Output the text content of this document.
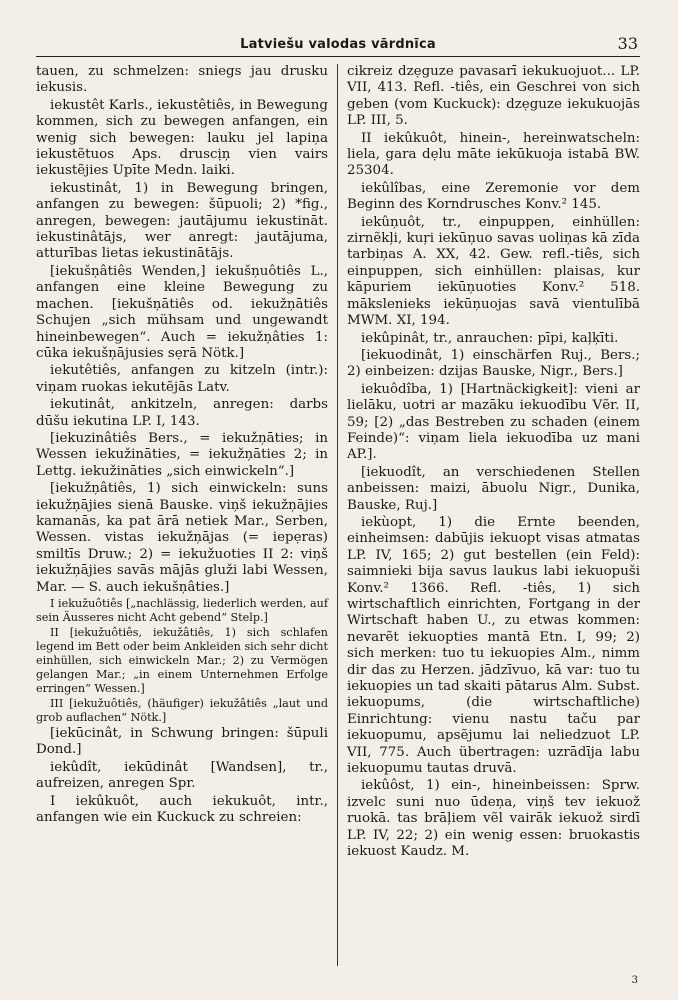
Latviešu valodas vārdnīca	33

tauen, zu schmelzen: sniegs jau drusku iekusis.

iekustêt Karls., iekustêtiês, in Bewegung kommen, sich zu bewegen anfangen, ein wenig sich bewegen: lauku jel lapiņa iekustẽtuos Aps. druscịņ vien vairs iekustẽjies Upīte Medn. laiki.

iekustinât, 1) in Bewegung bringen, anfangen zu bewegen: šūpuoli; 2) *fig., anregen, bewegen: jautājumu iekustināt. iekustinâtājs, wer anregt: jautājuma, atturības lietas iekustinātājs.

[iekušņâtiês Wenden,] iekušņuôtiês L., anfangen eine kleine Bewegung zu machen. [iekušņātiês od. iekužņātiês Schujen „sich mühsam und ungewandt hineinbewegen“. Auch = iekužņâties 1: cūka iekušņājusies sẹrā Nötk.]

iekutêtiês, anfangen zu kitzeln (intr.): viņam ruokas iekutẽjās Latv.

iekutinât, ankitzeln, anregen: darbs dūšu iekutina LP. I, 143.

[iekuzinâtiês Bers., = iekužņāties; in Wessen iekužināties, = iekužņāties 2; in Lettg. iekužināties „sich einwickeln“.]

[iekužņâtiês, 1) sich einwickeln: suns iekužņājies sienā Bauske. viņš iekužņājies kamanās, ka pat ārā netiek Mar., Serben, Wessen. vistas iekužņājas (= iepẹras) smiltīs Druw.; 2) = iekužuoties II 2: viņš iekužņājies savās mājās gluži labi Wessen, Mar. — S. auch iekušņâties.]

I iekužuôtiês [„nachlässig, liederlich werden, auf sein Äusseres nicht Acht gebend“ Stelp.]

II [iekužuôtiês, iekužâtiês, 1) sich schlafen legend im Bett oder beim Ankleiden sich sehr dicht einhüllen, sich einwickeln Mar.; 2) zu Vermögen gelangen Mar.; „in einem Unternehmen Erfolge erringen“ Wessen.]

III [iekužuôtiês, (häufiger) iekužâtiês „laut und grob auflachen“ Nötk.]

[iekūcinât, in Schwung bringen: šūpuli Dond.]

iekûdît, iekūdinât [Wandsen], tr., aufreizen, anregen Spr.

I iekûkuôt, auch iekukuôt, intr., anfangen wie ein Kuckuck zu schreien:

cikreiz dzẹguze pavasarī iekukuojuot... LP. VII, 413. Refl. -tiês, ein Geschrei von sich geben (vom Kuckuck): dzẹguze iekukuojās LP. III, 5.

II iekûkuôt, hinein-, hereinwatscheln: liela, gara dẹlu māte iekūkuoja istabā BW. 25304.

iekûlîbas, eine Zeremonie vor dem Beginn des Korndrusches Konv.² 145.

iekûņuôt, tr., einpuppen, einhüllen: zirnẽkļi, kuŗi iekūņuo savas uoliņas kā zīda tarbiņas A. XX, 42. Gew. refl.-tiês, sich einpuppen, sich einhüllen: plaisas, kur kāpuriem iekūņuoties Konv.² 518. mākslenieks iekūņuojas savā vientulībā MWM. XI, 194.

iekûpinât, tr., anrauchen: pīpi, kaļķīti.

[iekuodinât, 1) einschärfen Ruj., Bers.; 2) einbeizen: dzijas Bauske, Nigr., Bers.]

iekuôdîba, 1) [Hartnäckigkeit]: vieni ar lielāku, uotri ar mazāku iekuodību Vẽr. II, 59; [2) „das Bestreben zu schaden (einem Feinde)“: viņam liela iekuodība uz mani AP.].

[iekuodît, an verschiedenen Stellen anbeissen: maizi, ābuolu Nigr., Dunika, Bauske, Ruj.]

iekùopt, 1) die Ernte beenden, einheimsen: dabūjis iekuopt visas atmatas LP. IV, 165; 2) gut bestellen (ein Feld): saimnieki bija savus laukus labi iekuopuši Konv.² 1366. Refl. -tiês, 1) sich wirtschaftlich einrichten, Fortgang in der Wirtschaft haben U., zu etwas kommen: nevarẽt iekuopties mantā Etn. I, 99; 2) sich merken: tuo tu iekuopies Alm., nimm dir das zu Herzen. jādzīvuo, kā var: tuo tu iekuopies un tad skaiti pātarus Alm. Subst. iekuopums, (die wirtschaftliche) Einrichtung: vienu nastu taču par iekuopumu, apsẽjumu lai neliedzuot LP. VII, 775. Auch übertragen: uzrādīja labu iekuopumu tautas druvā.

iekûôst, 1) ein-, hineinbeissen: Sprw. izvelc suni nuo ūdeņa, viņš tev iekuož ruokā. tas brāļiem vẽl vairāk iekuož sirdī LP. IV, 22; 2) ein wenig essen: bruokastis iekuost Kaudz. M.

3
